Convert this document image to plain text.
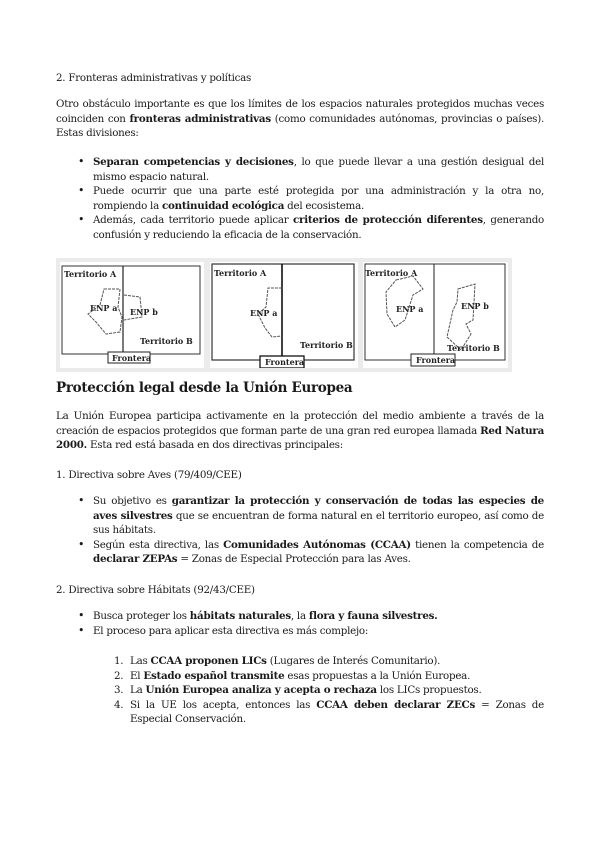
2. Fronteras administrativas y políticas
Otro obstáculo importante es que los límites de los espacios naturales protegidos muchas veces coinciden con fronteras administrativas (como comunidades autónomas, provincias o países). Estas divisiones:
• Separan competencias y decisiones, lo que puede llevar a una gestión desigual del mismo espacio natural.
• Puede ocurrir que una parte esté protegida por una administración y la otra no, rompiendo la continuidad ecológica del ecosistema.
• Además, cada territorio puede aplicar criterios de protección diferentes, generando confusión y reduciendo la eficacia de la conservación.
Territorio A
ENP a ENP b
Territorio B
Frontera
Territorio A
ENP a
Territorio B
Frontera
Territorio A
ENP a	ENP b
Territorio B
Frontera
Protección legal desde la Unión Europea
La Unión Europea participa activamente en la protección del medio ambiente a través de la creación de espacios protegidos que forman parte de una gran red europea llamada Red Natura 2000. Esta red está basada en dos directivas principales:
1. Directiva sobre Aves (79/409/CEE)
• Su objetivo es garantizar la protección y conservación de todas las especies de aves silvestres que se encuentran de forma natural en el territorio europeo, así como de sus hábitats.
• Según esta directiva, las Comunidades Autónomas (CCAA) tienen la competencia de declarar ZEPAs = Zonas de Especial Protección para las Aves.
2. Directiva sobre Hábitats (92/43/CEE)
• Busca proteger los hábitats naturales, la flora y fauna silvestres.
• El proceso para aplicar esta directiva es más complejo:
1. Las CCAA proponen LICs (Lugares de Interés Comunitario).
2. El Estado español transmite esas propuestas a la Unión Europea.
3. La Unión Europea analiza y acepta o rechaza los LICs propuestos.
4. Si la UE los acepta, entonces las CCAA deben declarar ZECs = Zonas de Especial Conservación.
